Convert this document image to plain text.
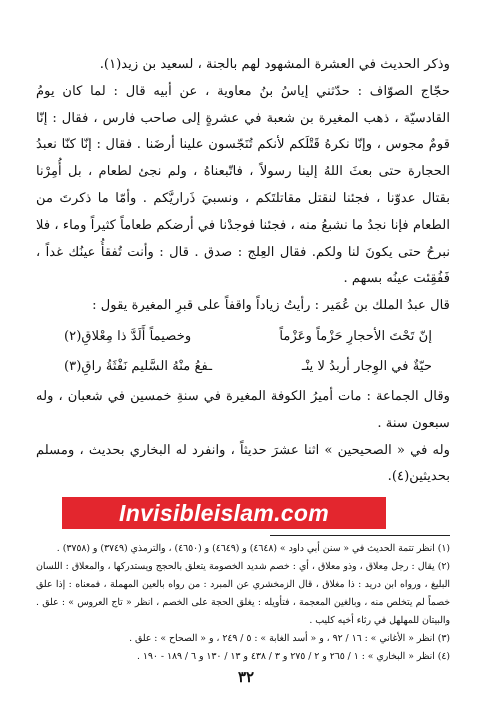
وذكر الحديث في العشرة المشهود لهم بالجنة ، لسعيد بن زيد(١).

حجّاج الصوّاف : حدّثني إياسُ بنُ معاوية ، عن أبيه قال : لما كان يومُ القادسيّة ، ذهب المغيرة بن شعبة في عشرةٍ إلى صاحب فارس ، فقال : إنّا قومٌ مجوس ، وإنّا نكرهُ قَتْلَكم لأنكم تُنَجّسون علينا أرضَنا . فقال : إنّا كنّا نعبدُ الحجارة حتى بعثَ اللهُ إلينا رسولاً ، فاتّبعناهُ ، ولم نجئ لطعام ، بل أُمِرْنا بقتال عدوّنا ، فجئنا لنقتل مقاتلتَكم ، ونسبيَ ذَراريَّكم . وأمّا ما ذكرتَ من الطعام فإنا نجدُ ما نشبعُ منه ، فجئنا فوجدْنا في أرضكم طعاماً كثيراً وماء ، فلا نبرحُ حتى يكونَ لنا ولكم. فقال العِلج : صدق . قال : وأنت تُفقأُ عينُك غداً ، فَفُقِئت عينُه بسهم .

قال عبدُ الملك بن عُمَير : رأيتُ زياداً واقفاً على قبرِ المغيرة يقول :

إنّ تَحْتَ الأحجارِ حَزْماً وعَزْماً
وخصيماً أَلَدَّ ذا مِعْلاقِ(٢)
حيّةٌ في الوِجار أربدُ لا ينْـ
ـفعُ منْهُ السَّليم نَفْثَةُ راقِ(٣)

وقال الجماعة : مات أميرُ الكوفة المغيرة في سنةِ خمسين في شعبان ، وله سبعون سنة .

وله في « الصحيحين » اثنا عشرَ حديثاً ، وانفرد له البخاري بحديث ، ومسلم بحديثين(٤).

Invisibleislam.com

(١) انظر تتمة الحديث في « سنن أبي داود » (٤٦٤٨) و (٤٦٤٩) و (٤٦٥٠) ، والترمذي (٣٧٤٩) و (٣٧٥٨) .

(٢) يقال : رجل مِعلاق ، وذو معلاق ، أي : خصم شديد الخصومة يتعلق بالحجج ويستدركها ، والمعلاق : اللسان البليغ ، ورواه ابن دريد : ذا مغلاق ، قال الزمخشري عن المبرد : من رواه بالعين المهملة ، فمعناه : إذا علق خصماً لم يتخلص منه ، وبالغين المعجمة ، فتأويله : يغلق الحجة على الخصم ، انظر « تاج العروس » : علق . والبيتان للمهلهل في رثاء أخيه كليب .

(٣) انظر « الأغاني » : ١٦ / ٩٢ ، و « أسد الغابة » : ٥ / ٢٤٩ ، و « الصحاح » : علق .

(٤) انظر « البخاري » : ١ / ٢٦٥ و ٢ / ٢٧٥ و ٣ / ٤٣٨ و ١٣ / ١٣٠ و ٦ / ١٨٩ - ١٩٠ .

٣٢
